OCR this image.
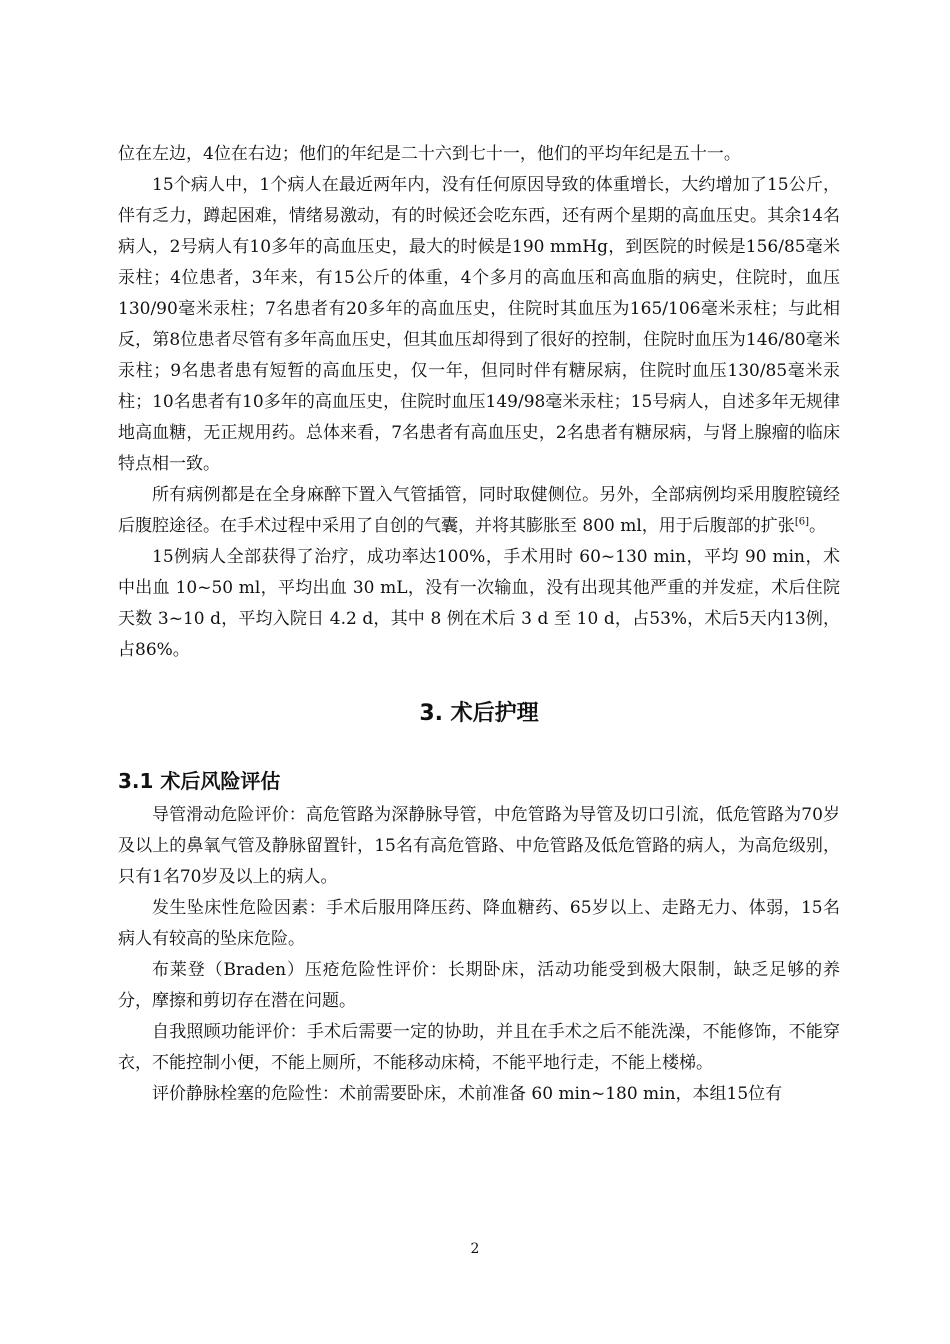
位在左边，4位在右边；他们的年纪是二十六到七十一，他们的平均年纪是五十一。

15个病人中，1个病人在最近两年内，没有任何原因导致的体重增长，大约增加了15公斤，伴有乏力，蹲起困难，情绪易激动，有的时候还会吃东西，还有两个星期的高血压史。其余14名病人，2号病人有10多年的高血压史，最大的时候是190 mmHg，到医院的时候是156/85毫米汞柱；4位患者，3年来，有15公斤的体重，4个多月的高血压和高血脂的病史，住院时，血压130/90毫米汞柱；7名患者有20多年的高血压史，住院时其血压为165/106毫米汞柱；与此相反，第8位患者尽管有多年高血压史，但其血压却得到了很好的控制，住院时血压为146/80毫米汞柱；9名患者患有短暂的高血压史，仅一年，但同时伴有糖尿病，住院时血压130/85毫米汞柱；10名患者有10多年的高血压史，住院时血压149/98毫米汞柱；15号病人，自述多年无规律地高血糖，无正规用药。总体来看，7名患者有高血压史，2名患者有糖尿病，与肾上腺瘤的临床特点相一致。

所有病例都是在全身麻醉下置入气管插管，同时取健侧位。另外，全部病例均采用腹腔镜经后腹腔途径。在手术过程中采用了自创的气囊，并将其膨胀至 800 ml，用于后腹部的扩张[6]。

15例病人全部获得了治疗，成功率达100%，手术用时 60~130 min，平均 90 min，术中出血 10~50 ml，平均出血 30 mL，没有一次输血，没有出现其他严重的并发症，术后住院天数 3~10 d，平均入院日 4.2 d，其中 8 例在术后 3 d 至 10 d，占53%，术后5天内13例，占86%。

3. 术后护理
3.1 术后风险评估

导管滑动危险评价：高危管路为深静脉导管，中危管路为导管及切口引流，低危管路为70岁及以上的鼻氧气管及静脉留置针，15名有高危管路、中危管路及低危管路的病人，为高危级别，只有1名70岁及以上的病人。

发生坠床性危险因素：手术后服用降压药、降血糖药、65岁以上、走路无力、体弱，15名病人有较高的坠床危险。

布莱登（Braden）压疮危险性评价：长期卧床，活动功能受到极大限制，缺乏足够的养分，摩擦和剪切存在潜在问题。

自我照顾功能评价：手术后需要一定的协助，并且在手术之后不能洗澡，不能修饰，不能穿衣，不能控制小便，不能上厕所，不能移动床椅，不能平地行走，不能上楼梯。

评价静脉栓塞的危险性：术前需要卧床，术前准备 60 min~180 min，本组15位有

2
